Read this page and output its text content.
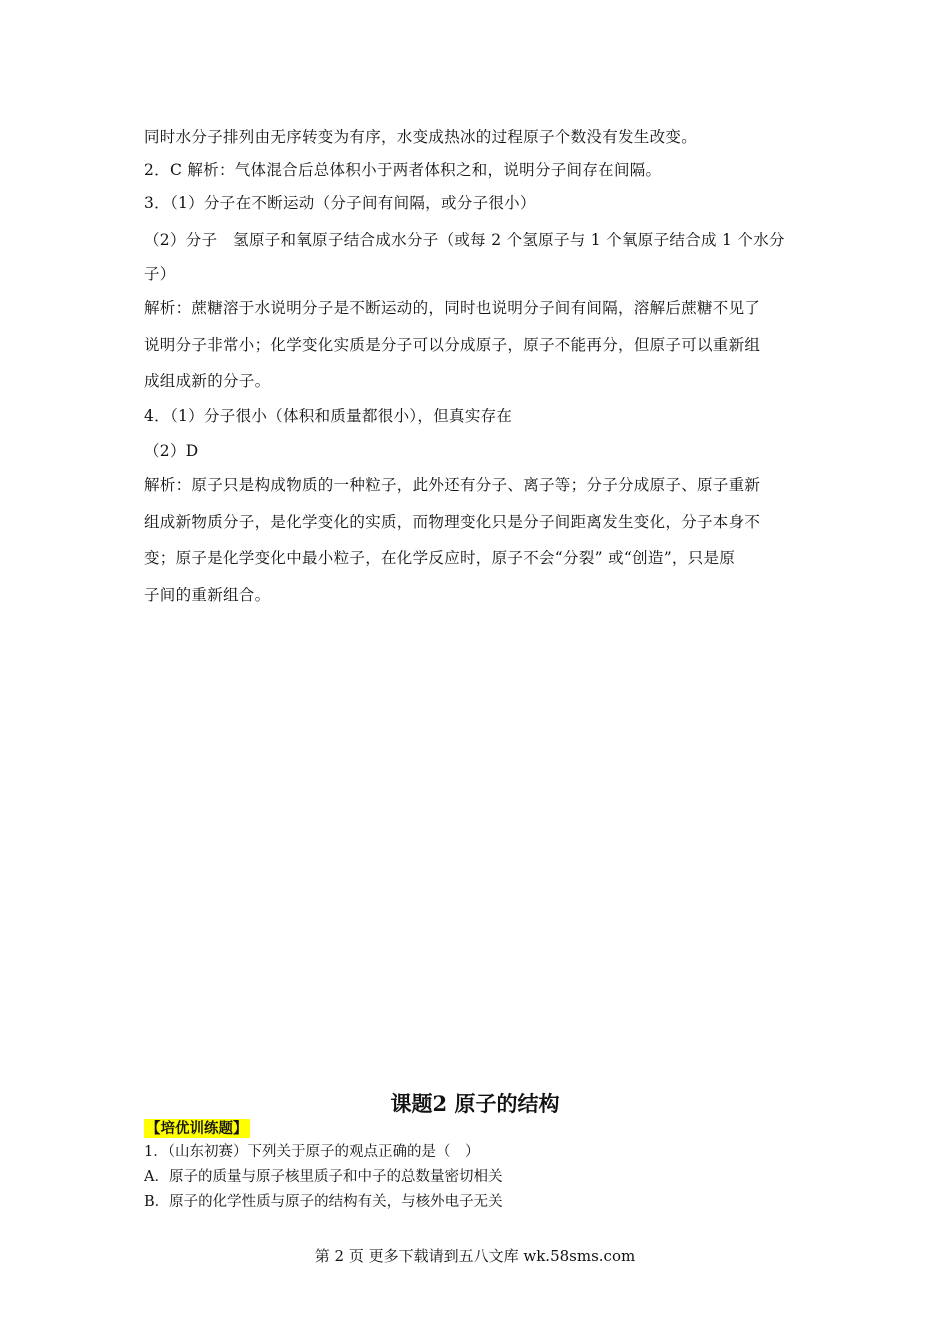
同时水分子排列由无序转变为有序，水变成热冰的过程原子个数没有发生改变。
2．C 解析：气体混合后总体积小于两者体积之和，说明分子间存在间隔。
3．（1）分子在不断运动（分子间有间隔，或分子很小）
（2）分子　氢原子和氧原子结合成水分子（或每 2 个氢原子与 1 个氧原子结合成 1 个水分
子）
解析：蔗糖溶于水说明分子是不断运动的，同时也说明分子间有间隔，溶解后蔗糖不见了
说明分子非常小；化学变化实质是分子可以分成原子，原子不能再分，但原子可以重新组
成组成新的分子。
4．（1）分子很小（体积和质量都很小），但真实存在
（2）D
解析：原子只是构成物质的一种粒子，此外还有分子、离子等；分子分成原子、原子重新
组成新物质分子，是化学变化的实质，而物理变化只是分子间距离发生变化，分子本身不
变；原子是化学变化中最小粒子，在化学反应时，原子不会“分裂” 或“创造”，只是原
子间的重新组合。
课题2 原子的结构
【培优训练题】
1．（山东初赛）下列关于原子的观点正确的是（　）
A．原子的质量与原子核里质子和中子的总数量密切相关
B．原子的化学性质与原子的结构有关，与核外电子无关
第 2 页 更多下载请到五八文库 wk.58sms.com
